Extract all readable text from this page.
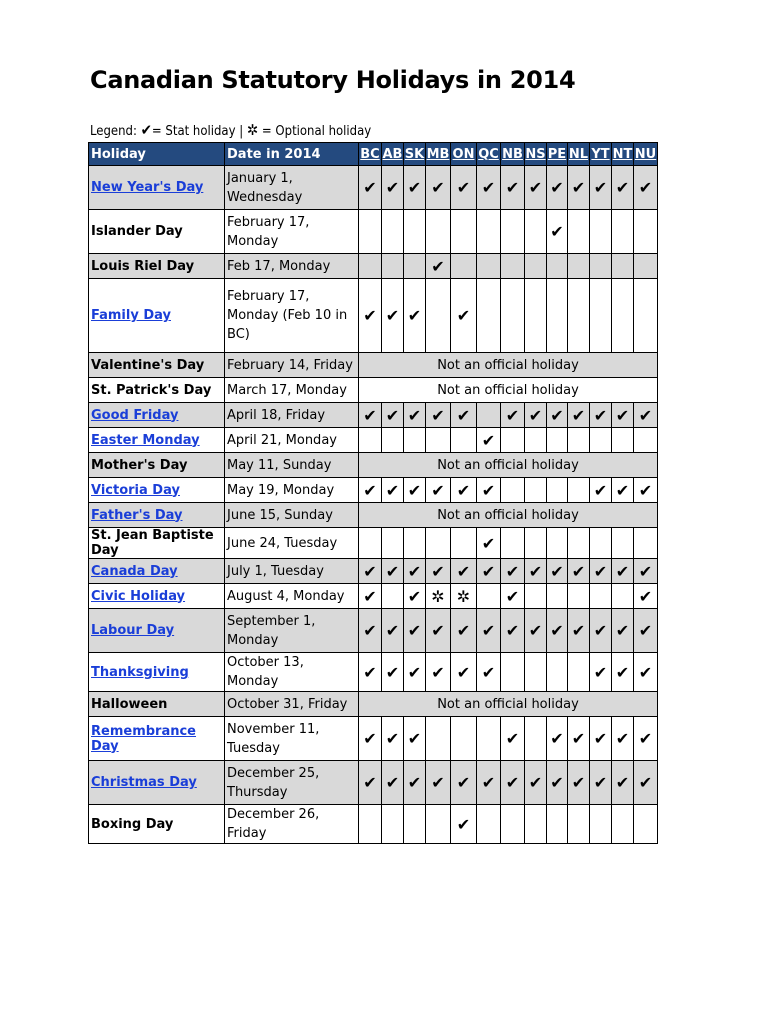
Canadian Statutory Holidays in 2014
Legend: ✔= Stat holiday | ✲ = Optional holiday
Holiday	Date in 2014	BC	AB	SK	MB	ON	QC	NB	NS	PE	NL	YT	NT	NU
New Year's Day	January 1, Wednesday	✔	✔	✔	✔	✔	✔	✔	✔	✔	✔	✔	✔	✔
Islander Day	February 17, Monday									✔				
Louis Riel Day	Feb 17, Monday				✔									
Family Day	February 17, Monday (Feb 10 in BC)	✔	✔	✔		✔								
Valentine's Day	February 14, Friday	Not an official holiday												
St. Patrick's Day	March 17, Monday	Not an official holiday												
Good Friday	April 18, Friday	✔	✔	✔	✔	✔		✔	✔	✔	✔	✔	✔	✔
Easter Monday	April 21, Monday						✔							
Mother's Day	May 11, Sunday	Not an official holiday												
Victoria Day	May 19, Monday	✔	✔	✔	✔	✔	✔					✔	✔	✔
Father's Day	June 15, Sunday	Not an official holiday												
St. Jean Baptiste Day	June 24, Tuesday						✔							
Canada Day	July 1, Tuesday	✔	✔	✔	✔	✔	✔	✔	✔	✔	✔	✔	✔	✔
Civic Holiday	August 4, Monday	✔		✔	✲	✲		✔						✔
Labour Day	September 1, Monday	✔	✔	✔	✔	✔	✔	✔	✔	✔	✔	✔	✔	✔
Thanksgiving	October 13, Monday	✔	✔	✔	✔	✔	✔					✔	✔	✔
Halloween	October 31, Friday	Not an official holiday												
Remembrance Day	November 11, Tuesday	✔	✔	✔				✔		✔	✔	✔	✔	✔
Christmas Day	December 25, Thursday	✔	✔	✔	✔	✔	✔	✔	✔	✔	✔	✔	✔	✔
Boxing Day	December 26, Friday					✔								
